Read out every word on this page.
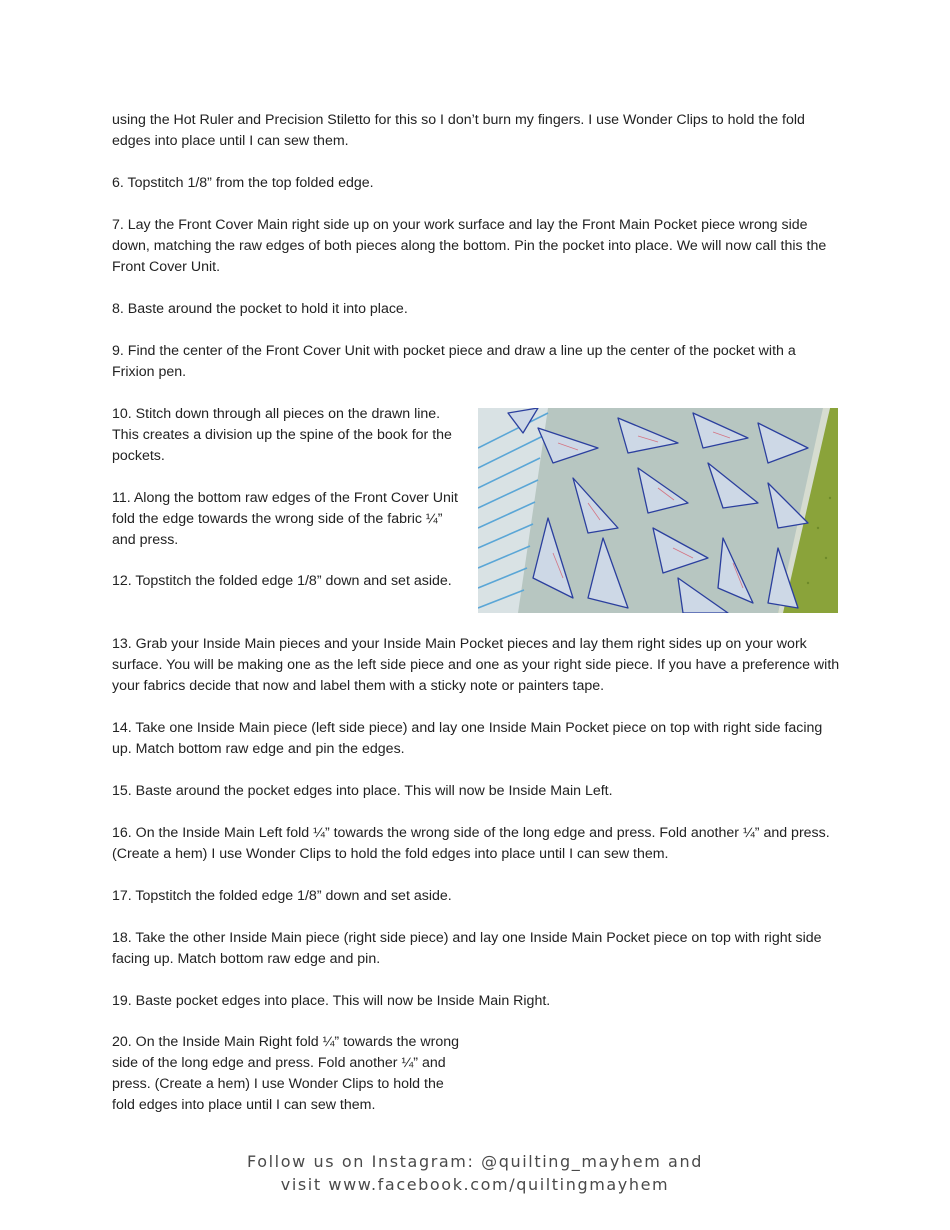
using the Hot Ruler and Precision Stiletto for this so I don’t burn my fingers. I use Wonder Clips to hold the fold edges into place until I can sew them.

6. Topstitch 1/8” from the top folded edge.

7. Lay the Front Cover Main right side up on your work surface and lay the Front Main Pocket piece wrong side down, matching the raw edges of both pieces along the bottom. Pin the pocket into place. We will now call this the Front Cover Unit.

8. Baste around the pocket to hold it into place.

9. Find the center of the Front Cover Unit with pocket piece and draw a line up the center of the pocket with a Frixion pen.

10. Stitch down through all pieces on the drawn line. This creates a division up the spine of the book for the pockets.

11. Along the bottom raw edges of the Front Cover Unit fold the edge towards the wrong side of the fabric ¼” and press.

12. Topstitch the folded edge 1/8” down and set aside.

13. Grab your Inside Main pieces and your Inside Main Pocket pieces and lay them right sides up on your work surface. You will be making one as the left side piece and one as your right side piece. If you have a preference with your fabrics decide that now and label them with a sticky note or painters tape.

14. Take one Inside Main piece (left side piece) and lay one Inside Main Pocket piece on top with right side facing up. Match bottom raw edge and pin the edges.

15. Baste around the pocket edges into place. This will now be Inside Main Left.

16. On the Inside Main Left fold ¼” towards the wrong side of the long edge and press. Fold another ¼” and press. (Create a hem) I use Wonder Clips to hold the fold edges into place until I can sew them.

17. Topstitch the folded edge 1/8” down and set aside.

18. Take the other Inside Main piece (right side piece) and lay one Inside Main Pocket piece on top with right side facing up. Match bottom raw edge and pin.

19. Baste pocket edges into place. This will now be Inside Main Right.

20. On the Inside Main Right fold ¼” towards the wrong side of the long edge and press. Fold another ¼” and press. (Create a hem) I use Wonder Clips to hold the fold edges into place until I can sew them.

Follow us on Instagram: @quilting_mayhem and
visit www.facebook.com/quiltingmayhem
